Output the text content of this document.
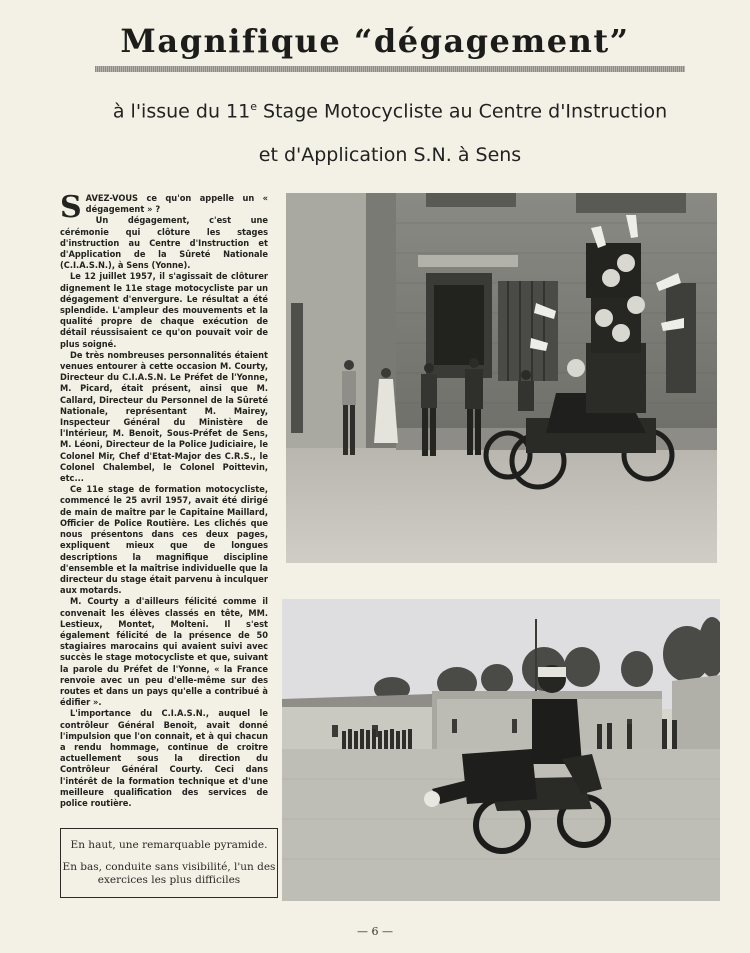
Magnifique “dégagement”

à l'issue du 11e Stage Motocycliste au Centre d'Instruction

et d'Application S.N. à Sens

SAVEZ-VOUS ce qu'on appelle un « dégagement » ?

Un dégagement, c'est une cérémonie qui clôture les stages d'instruction au Centre d'Instruction et d'Application de la Sûreté Nationale (C.I.A.S.N.), à Sens (Yonne).

Le 12 juillet 1957, il s'agissait de clôturer dignement le 11e stage motocycliste par un dégagement d'envergure. Le résultat a été splendide. L'ampleur des mouvements et la qualité propre de chaque exécution de détail réussisaient ce qu'on pouvait voir de plus soigné.

De très nombreuses personnalités étaient venues entourer à cette occasion M. Courty, Directeur du C.I.A.S.N. Le Préfet de l'Yonne, M. Picard, était présent, ainsi que M. Callard, Directeur du Personnel de la Sûreté Nationale, représentant M. Mairey, Inspecteur Général du Ministère de l'Intérieur, M. Benoit, Sous-Préfet de Sens, M. Léoni, Directeur de la Police Judiciaire, le Colonel Mir, Chef d'Etat-Major des C.R.S., le Colonel Chalembel, le Colonel Poittevin, etc...

Ce 11e stage de formation motocycliste, commencé le 25 avril 1957, avait été dirigé de main de maître par le Capitaine Maillard, Officier de Police Routière. Les clichés que nous présentons dans ces deux pages, expliquent mieux que de longues descriptions la magnifique discipline d'ensemble et la maîtrise individuelle que la directeur du stage était parvenu à inculquer aux motards.

M. Courty a d'ailleurs félicité comme il convenait les élèves classés en tête, MM. Lestieux, Montet, Molteni. Il s'est également félicité de la présence de 50 stagiaires marocains qui avaient suivi avec succès le stage motocycliste et que, suivant la parole du Préfet de l'Yonne, « la France renvoie avec un peu d'elle-même sur des routes et dans un pays qu'elle a contribué à édifier ».

L'importance du C.I.A.S.N., auquel le contrôleur Général Benoit, avait donné l'impulsion que l'on connait, et à qui chacun a rendu hommage, continue de croitre actuellement sous la direction du Contrôleur Général Courty. Ceci dans l'intérêt de la formation technique et d'une meilleure qualification des services de police routière.

En haut, une remarquable pyramide.

En bas, conduite sans visibilité, l'un des exercices les plus difficiles

— 6 —
